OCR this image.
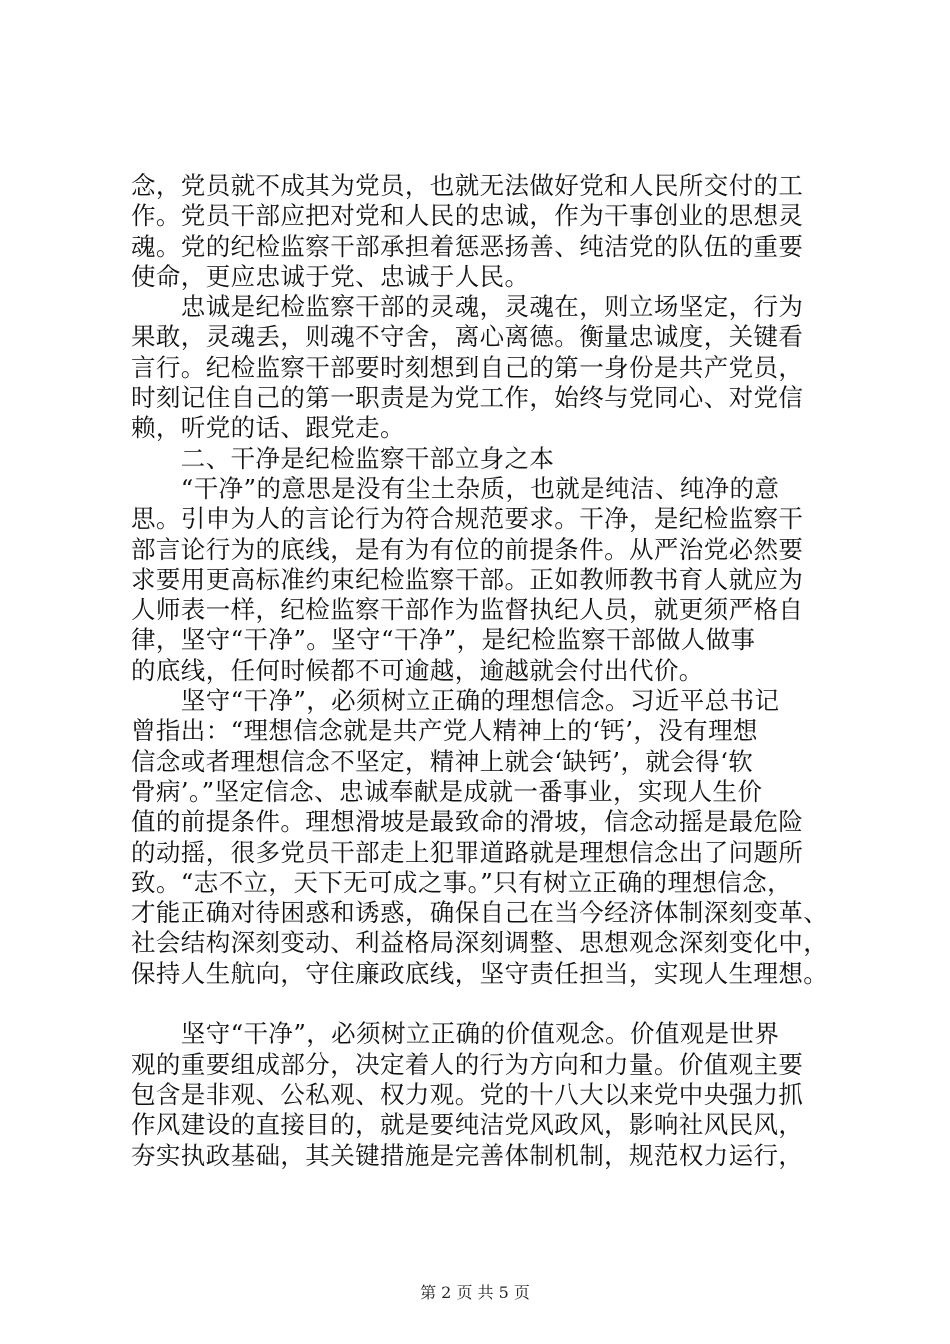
念，党员就不成其为党员，也就无法做好党和人民所交付的工
作。党员干部应把对党和人民的忠诚，作为干事创业的思想灵
魂。党的纪检监察干部承担着惩恶扬善、纯洁党的队伍的重要
使命，更应忠诚于党、忠诚于人民。
　　忠诚是纪检监察干部的灵魂，灵魂在，则立场坚定，行为
果敢，灵魂丢，则魂不守舍，离心离德。衡量忠诚度，关键看
言行。纪检监察干部要时刻想到自己的第一身份是共产党员，
时刻记住自己的第一职责是为党工作，始终与党同心、对党信
赖，听党的话、跟党走。
　　二、干净是纪检监察干部立身之本
　　“干净”的意思是没有尘土杂质，也就是纯洁、纯净的意
思。引申为人的言论行为符合规范要求。干净，是纪检监察干
部言论行为的底线，是有为有位的前提条件。从严治党必然要
求要用更高标准约束纪检监察干部。正如教师教书育人就应为
人师表一样，纪检监察干部作为监督执纪人员，就更须严格自
律，坚守“干净”。坚守“干净”，是纪检监察干部做人做事
的底线，任何时候都不可逾越，逾越就会付出代价。
　　坚守“干净”，必须树立正确的理想信念。习近平总书记
曾指出：“理想信念就是共产党人精神上的‘钙’，没有理想
信念或者理想信念不坚定，精神上就会‘缺钙’，就会得‘软
骨病’。”坚定信念、忠诚奉献是成就一番事业，实现人生价
值的前提条件。理想滑坡是最致命的滑坡，信念动摇是最危险
的动摇，很多党员干部走上犯罪道路就是理想信念出了问题所
致。“志不立，天下无可成之事。”只有树立正确的理想信念，
才能正确对待困惑和诱惑，确保自己在当今经济体制深刻变革、
社会结构深刻变动、利益格局深刻调整、思想观念深刻变化中，
保持人生航向，守住廉政底线，坚守责任担当，实现人生理想。
　　坚守“干净”，必须树立正确的价值观念。价值观是世界
观的重要组成部分，决定着人的行为方向和力量。价值观主要
包含是非观、公私观、权力观。党的十八大以来党中央强力抓
作风建设的直接目的，就是要纯洁党风政风，影响社风民风，
夯实执政基础，其关键措施是完善体制机制，规范权力运行，
第 2 页 共 5 页
